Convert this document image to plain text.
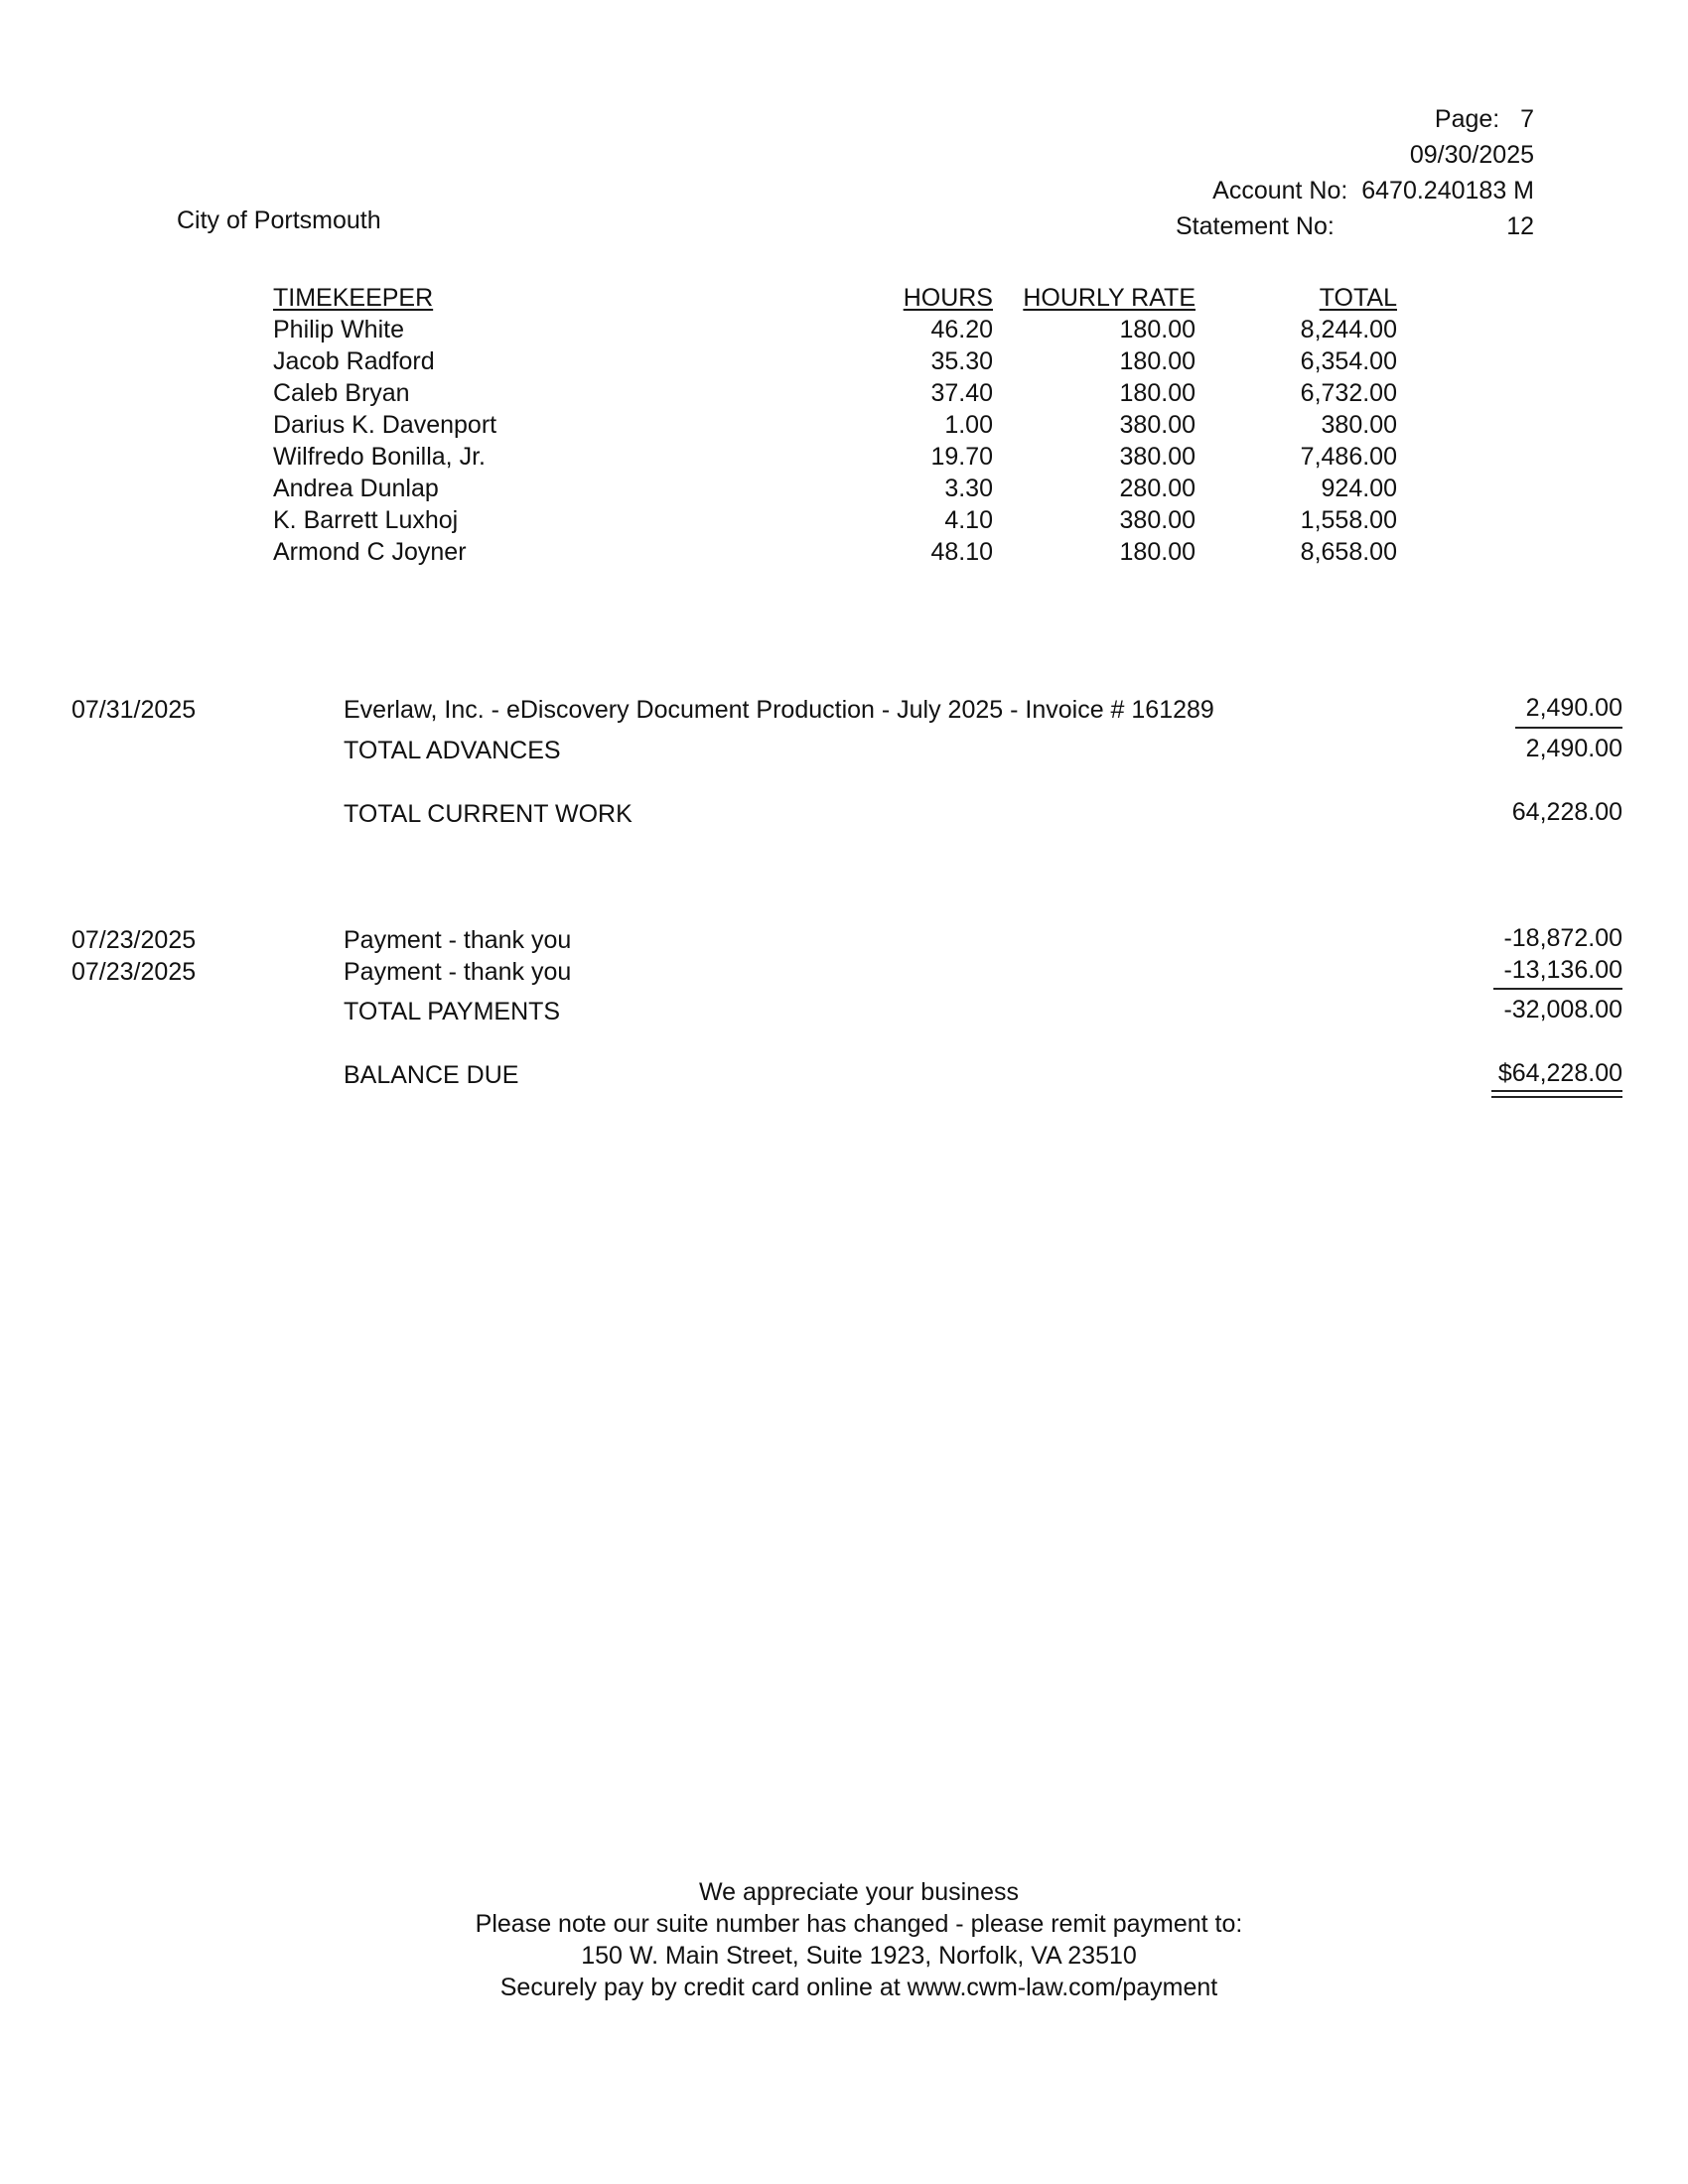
Page: 7
09/30/2025
Account No: 6470.240183 M
Statement No:	12
City of Portsmouth
TIMEKEEPER	HOURS HOURLY RATE	TOTAL
Philip White	46.20	180.00	8,244.00
Jacob Radford	35.30	180.00	6,354.00
Caleb Bryan	37.40	180.00	6,732.00
Darius K. Davenport	1.00	380.00	380.00
Wilfredo Bonilla, Jr.	19.70	380.00	7,486.00
Andrea Dunlap	3.30	280.00	924.00
K. Barrett Luxhoj	4.10	380.00	1,558.00
Armond C Joyner	48.10	180.00	8,658.00
07/31/2025	Everlaw, Inc. - eDiscovery Document Production - July 2025 - Invoice # 161289	2,490.00
TOTAL ADVANCES	2,490.00
TOTAL CURRENT WORK	64,228.00
07/23/2025	Payment - thank you	-18,872.00
07/23/2025	Payment - thank you	-13,136.00
TOTAL PAYMENTS	-32,008.00
BALANCE DUE	$64,228.00
We appreciate your business
Please note our suite number has changed - please remit payment to:
150 W. Main Street, Suite 1923, Norfolk, VA 23510
Securely pay by credit card online at www.cwm-law.com/payment
